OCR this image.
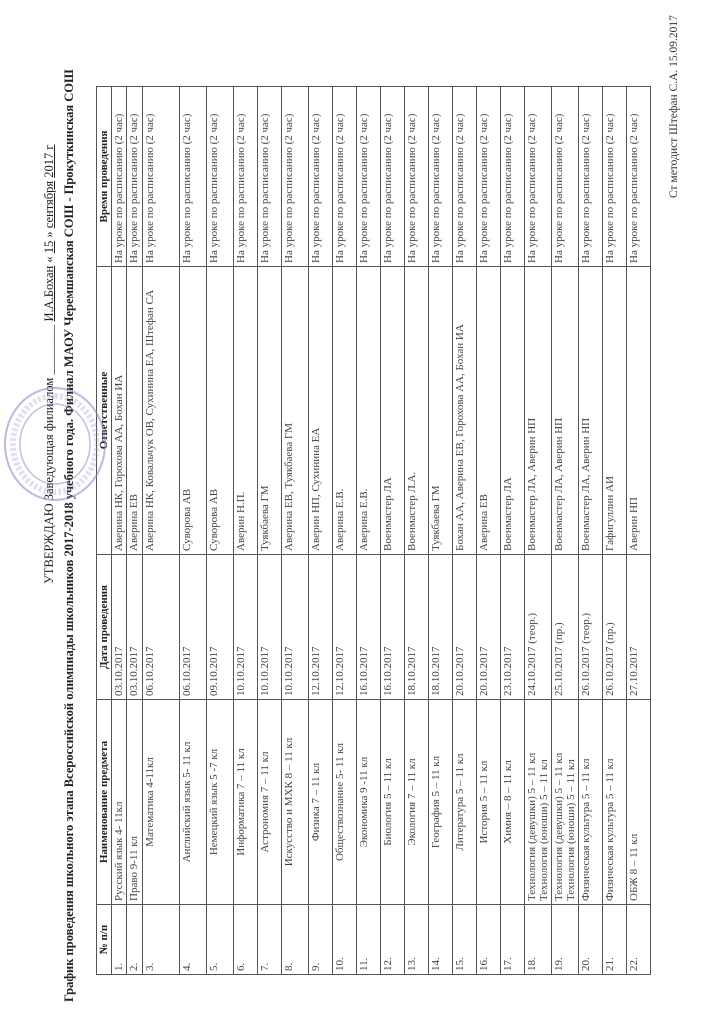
УТВЕРЖДАЮ Заведующая филиалом ________ И.А.Бохан « 15 » сентября 2017 г График проведения школьного этапа Всероссийской олимпиады школьников 2017-2018 учебного года. Филиал МАОУ Черемшанская СОШ - Прокуткинская СОШ № п/п	Наименование предмета	Дата проведения	Ответственные	Время проведения
1.	Русский язык 4- 11кл	03.10.2017	Аверина НК, Горохова АА, Бохан ИА	На уроке по расписанию (2 час)
2.	Право 9-11 кл	03.10.2017	Аверина ЕВ	На уроке по расписанию (2 час)
3.	Математика 4-11кл	06.10.2017	Аверина НК, Ковальчук ОВ, Сухинина ЕА, Штефан СА	На уроке по расписанию (2 час)
4.	Английский язык 5- 11 кл	06.10.2017	Суворова АВ	На уроке по расписанию (2 час)
5.	Немецкий язык 5 -7 кл	09.10.2017	Суворова АВ	На уроке по расписанию (2 час)
6.	Информатика 7 – 11 кл	10.10.2017	Аверин Н.П.	На уроке по расписанию (2 час)
7.	Астрономия 7 – 11 кл	10.10.2017	Туякбаева ГМ	На уроке по расписанию (2 час)
8.	Искусство и МХК 8 – 11 кл	10.10.2017	Аверина ЕВ, Туякбаева ГМ	На уроке по расписанию (2 час)
9.	Физика 7 – 11 кл	12.10.2017	Аверин НП, Сухинина ЕА	На уроке по расписанию (2 час)
10.	Обществознание 5- 11 кл	12.10.2017	Аверина Е.В.	На уроке по расписанию (2 час)
11.	Экономика 9 -11 кл	16.10.2017	Аверина Е.В.	На уроке по расписанию (2 час)
12.	Биология 5 – 11 кл	16.10.2017	Военмастер ЛА	На уроке по расписанию (2 час)
13.	Экология 7 – 11 кл	18.10.2017	Военмастер Л.А.	На уроке по расписанию (2 час)
14.	География 5 – 11 кл	18.10.2017	Туякбаева ГМ	На уроке по расписанию (2 час)
15.	Литература 5 – 11 кл	20.10.2017	Бохан АА, Аверина ЕВ, Горохова АА, Бохан ИА	На уроке по расписанию (2 час)
16.	История 5 – 11 кл	20.10.2017	Аверина ЕВ	На уроке по расписанию (2 час)
17.	Химия – 8 – 11 кл	23.10.2017	Военмастер ЛА	На уроке по расписанию (2 час)
18.	Технология (девушки) 5 – 11 кл
Технология (юноши) 5 – 11 кл	24.10.2017 (теор.)	Военмастер ЛА, Аверин НП	На уроке по расписанию (2 час)
19.	Технология (девушки) 5 – 11 кл
Технология (юноши) 5 – 11 кл	25.10.2017 (пр.)	Военмастер ЛА, Аверин НП	На уроке по расписанию (2 час)
20.	Физическая культура 5 – 11 кл	26.10.2017 (теор.)	Военмастер ЛА, Аверин НП	На уроке по расписанию (2 час)
21.	Физическая культура 5 – 11 кл	26.10.2017 (пр.)	Гафигуллин АИ	На уроке по расписанию (2 час)
22.	ОБЖ 8 – 11 кл	27.10.2017	Аверин НП	На уроке по расписанию (2 час) Ст методист Штефан С.А. 15.09.2017
